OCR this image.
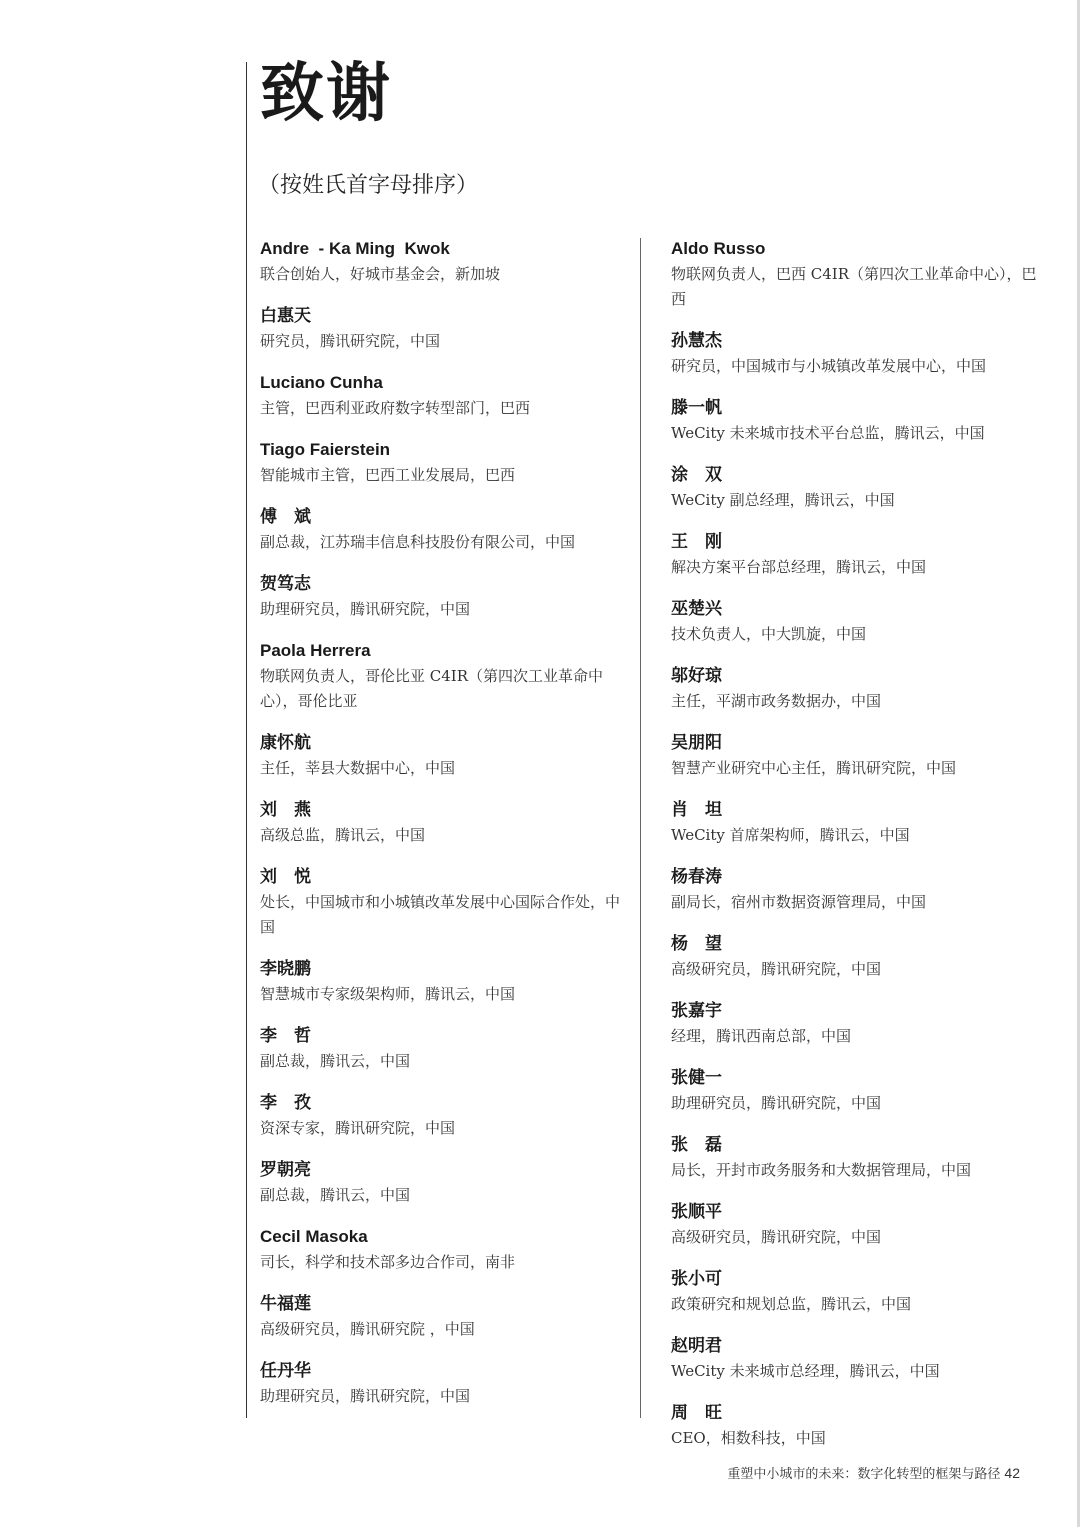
致谢
（按姓氏首字母排序）
Andre  - Ka Ming  Kwok
联合创始人，好城市基金会，新加坡
白惠天
研究员，腾讯研究院，中国
Luciano Cunha
主管，巴西利亚政府数字转型部门，巴西
Tiago Faierstein
智能城市主管，巴西工业发展局，巴西
傅　斌
副总裁，江苏瑞丰信息科技股份有限公司，中国
贺笃志
助理研究员，腾讯研究院，中国
Paola Herrera
物联网负责人，哥伦比亚 C4IR（第四次工业革命中心），哥伦比亚
康怀航
主任，莘县大数据中心，中国
刘　燕
高级总监，腾讯云，中国
刘　悦
处长，中国城市和小城镇改革发展中心国际合作处，中国
李晓鹏
智慧城市专家级架构师，腾讯云，中国
李　哲
副总裁，腾讯云，中国
李　孜
资深专家，腾讯研究院，中国
罗朝亮
副总裁，腾讯云，中国
Cecil Masoka
司长，科学和技术部多边合作司，南非
牛福莲
高级研究员，腾讯研究院 ，中国
任丹华
助理研究员，腾讯研究院，中国
Aldo Russo
物联网负责人，巴西 C4IR（第四次工业革命中心），巴西
孙慧杰
研究员，中国城市与小城镇改革发展中心，中国
滕一帆
WeCity 未来城市技术平台总监，腾讯云，中国
涂　双
WeCity 副总经理，腾讯云，中国
王　刚
解决方案平台部总经理，腾讯云，中国
巫楚兴
技术负责人，中大凯旋，中国
邬好琼
主任，平湖市政务数据办，中国
吴朋阳
智慧产业研究中心主任，腾讯研究院，中国
肖　坦
WeCity 首席架构师，腾讯云，中国
杨春涛
副局长，宿州市数据资源管理局，中国
杨　望
高级研究员，腾讯研究院，中国
张嘉宇
经理，腾讯西南总部，中国
张健一
助理研究员，腾讯研究院，中国
张　磊
局长，开封市政务服务和大数据管理局，中国
张顺平
高级研究员，腾讯研究院，中国
张小可
政策研究和规划总监，腾讯云，中国
赵明君
WeCity 未来城市总经理，腾讯云，中国
周　旺
CEO，相数科技，中国
重塑中小城市的未来：数字化转型的框架与路径 42
